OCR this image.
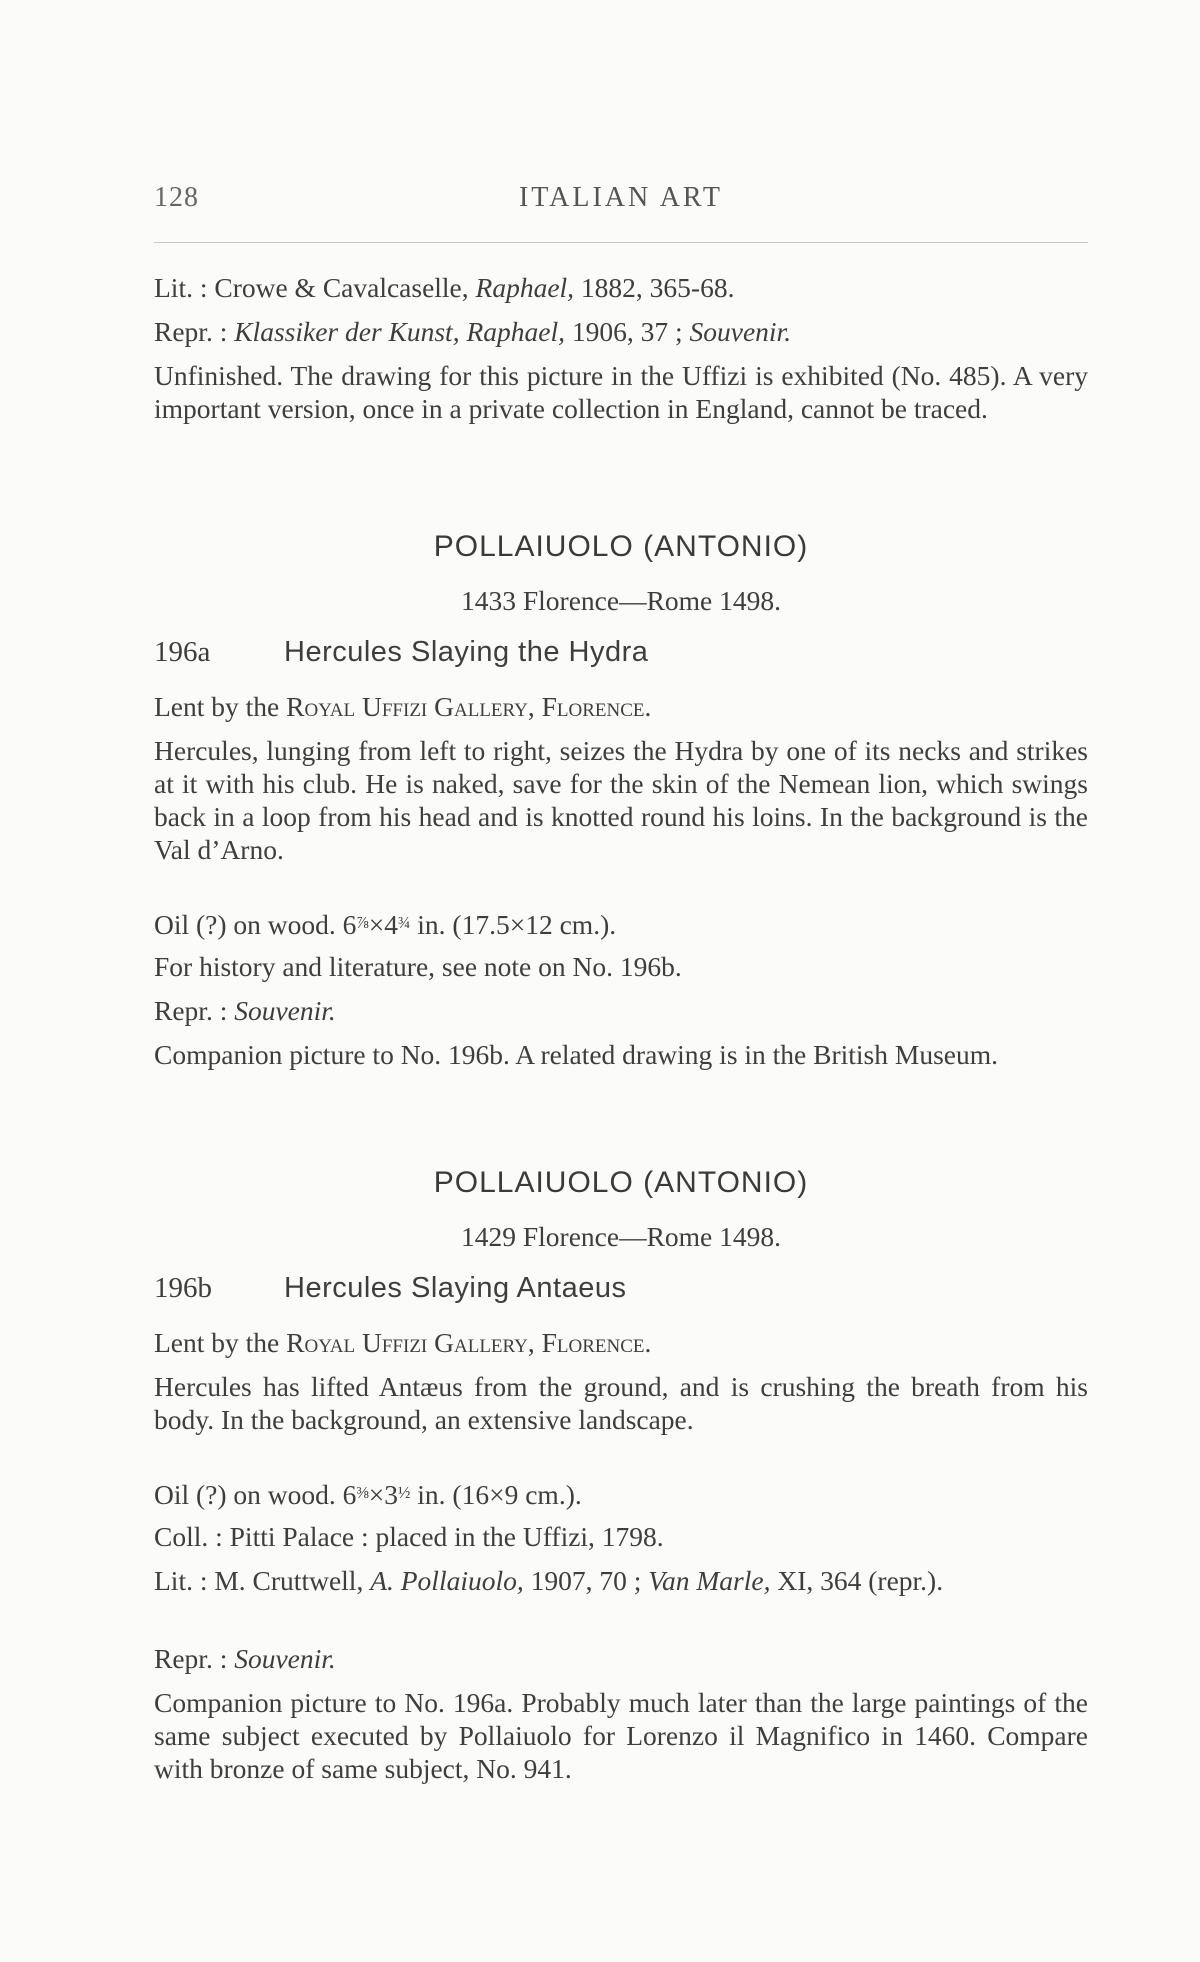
128	ITALIAN ART
Lit. : Crowe & Cavalcaselle, Raphael, 1882, 365-68.
Repr. : Klassiker der Kunst, Raphael, 1906, 37 ; Souvenir.
Unfinished. The drawing for this picture in the Uffizi is exhibited (No. 485). A very important version, once in a private collection in England, cannot be traced.
POLLAIUOLO (ANTONIO)
1433 Florence—Rome 1498.
196a	Hercules Slaying the Hydra
Lent by the Royal Uffizi Gallery, Florence.
Hercules, lunging from left to right, seizes the Hydra by one of its necks and strikes at it with his club. He is naked, save for the skin of the Nemean lion, which swings back in a loop from his head and is knotted round his loins. In the background is the Val d’Arno.
Oil (?) on wood. $6^{\frac{7}{8}}\times 4^{\frac{3}{4}}$ in. (17.5×12 cm.).
For history and literature, see note on No. 196b.
Repr. : Souvenir.
Companion picture to No. 196b. A related drawing is in the British Museum.
POLLAIUOLO (ANTONIO)
1429 Florence—Rome 1498.
196b Hercules Slaying Antaeus
Lent by the Royal Uffizi Gallery, Florence.
Hercules has lifted Antæus from the ground, and is crushing the breath from his body. In the background, an extensive landscape.
Oil (?) on wood. $6^{\frac{3}{8}}\times 3^{\frac{1}{2}}$ in. (16×9 cm.).
Coll. : Pitti Palace : placed in the Uffizi, 1798.
Lit. : M. Cruttwell, A. Pollaiuolo, 1907, 70 ; Van Marle, XI, 364 (repr.).
Repr. : Souvenir.
Companion picture to No. 196a. Probably much later than the large paintings of the same subject executed by Pollaiuolo for Lorenzo il Magnifico in 1460. Compare with bronze of same subject, No. 941.
